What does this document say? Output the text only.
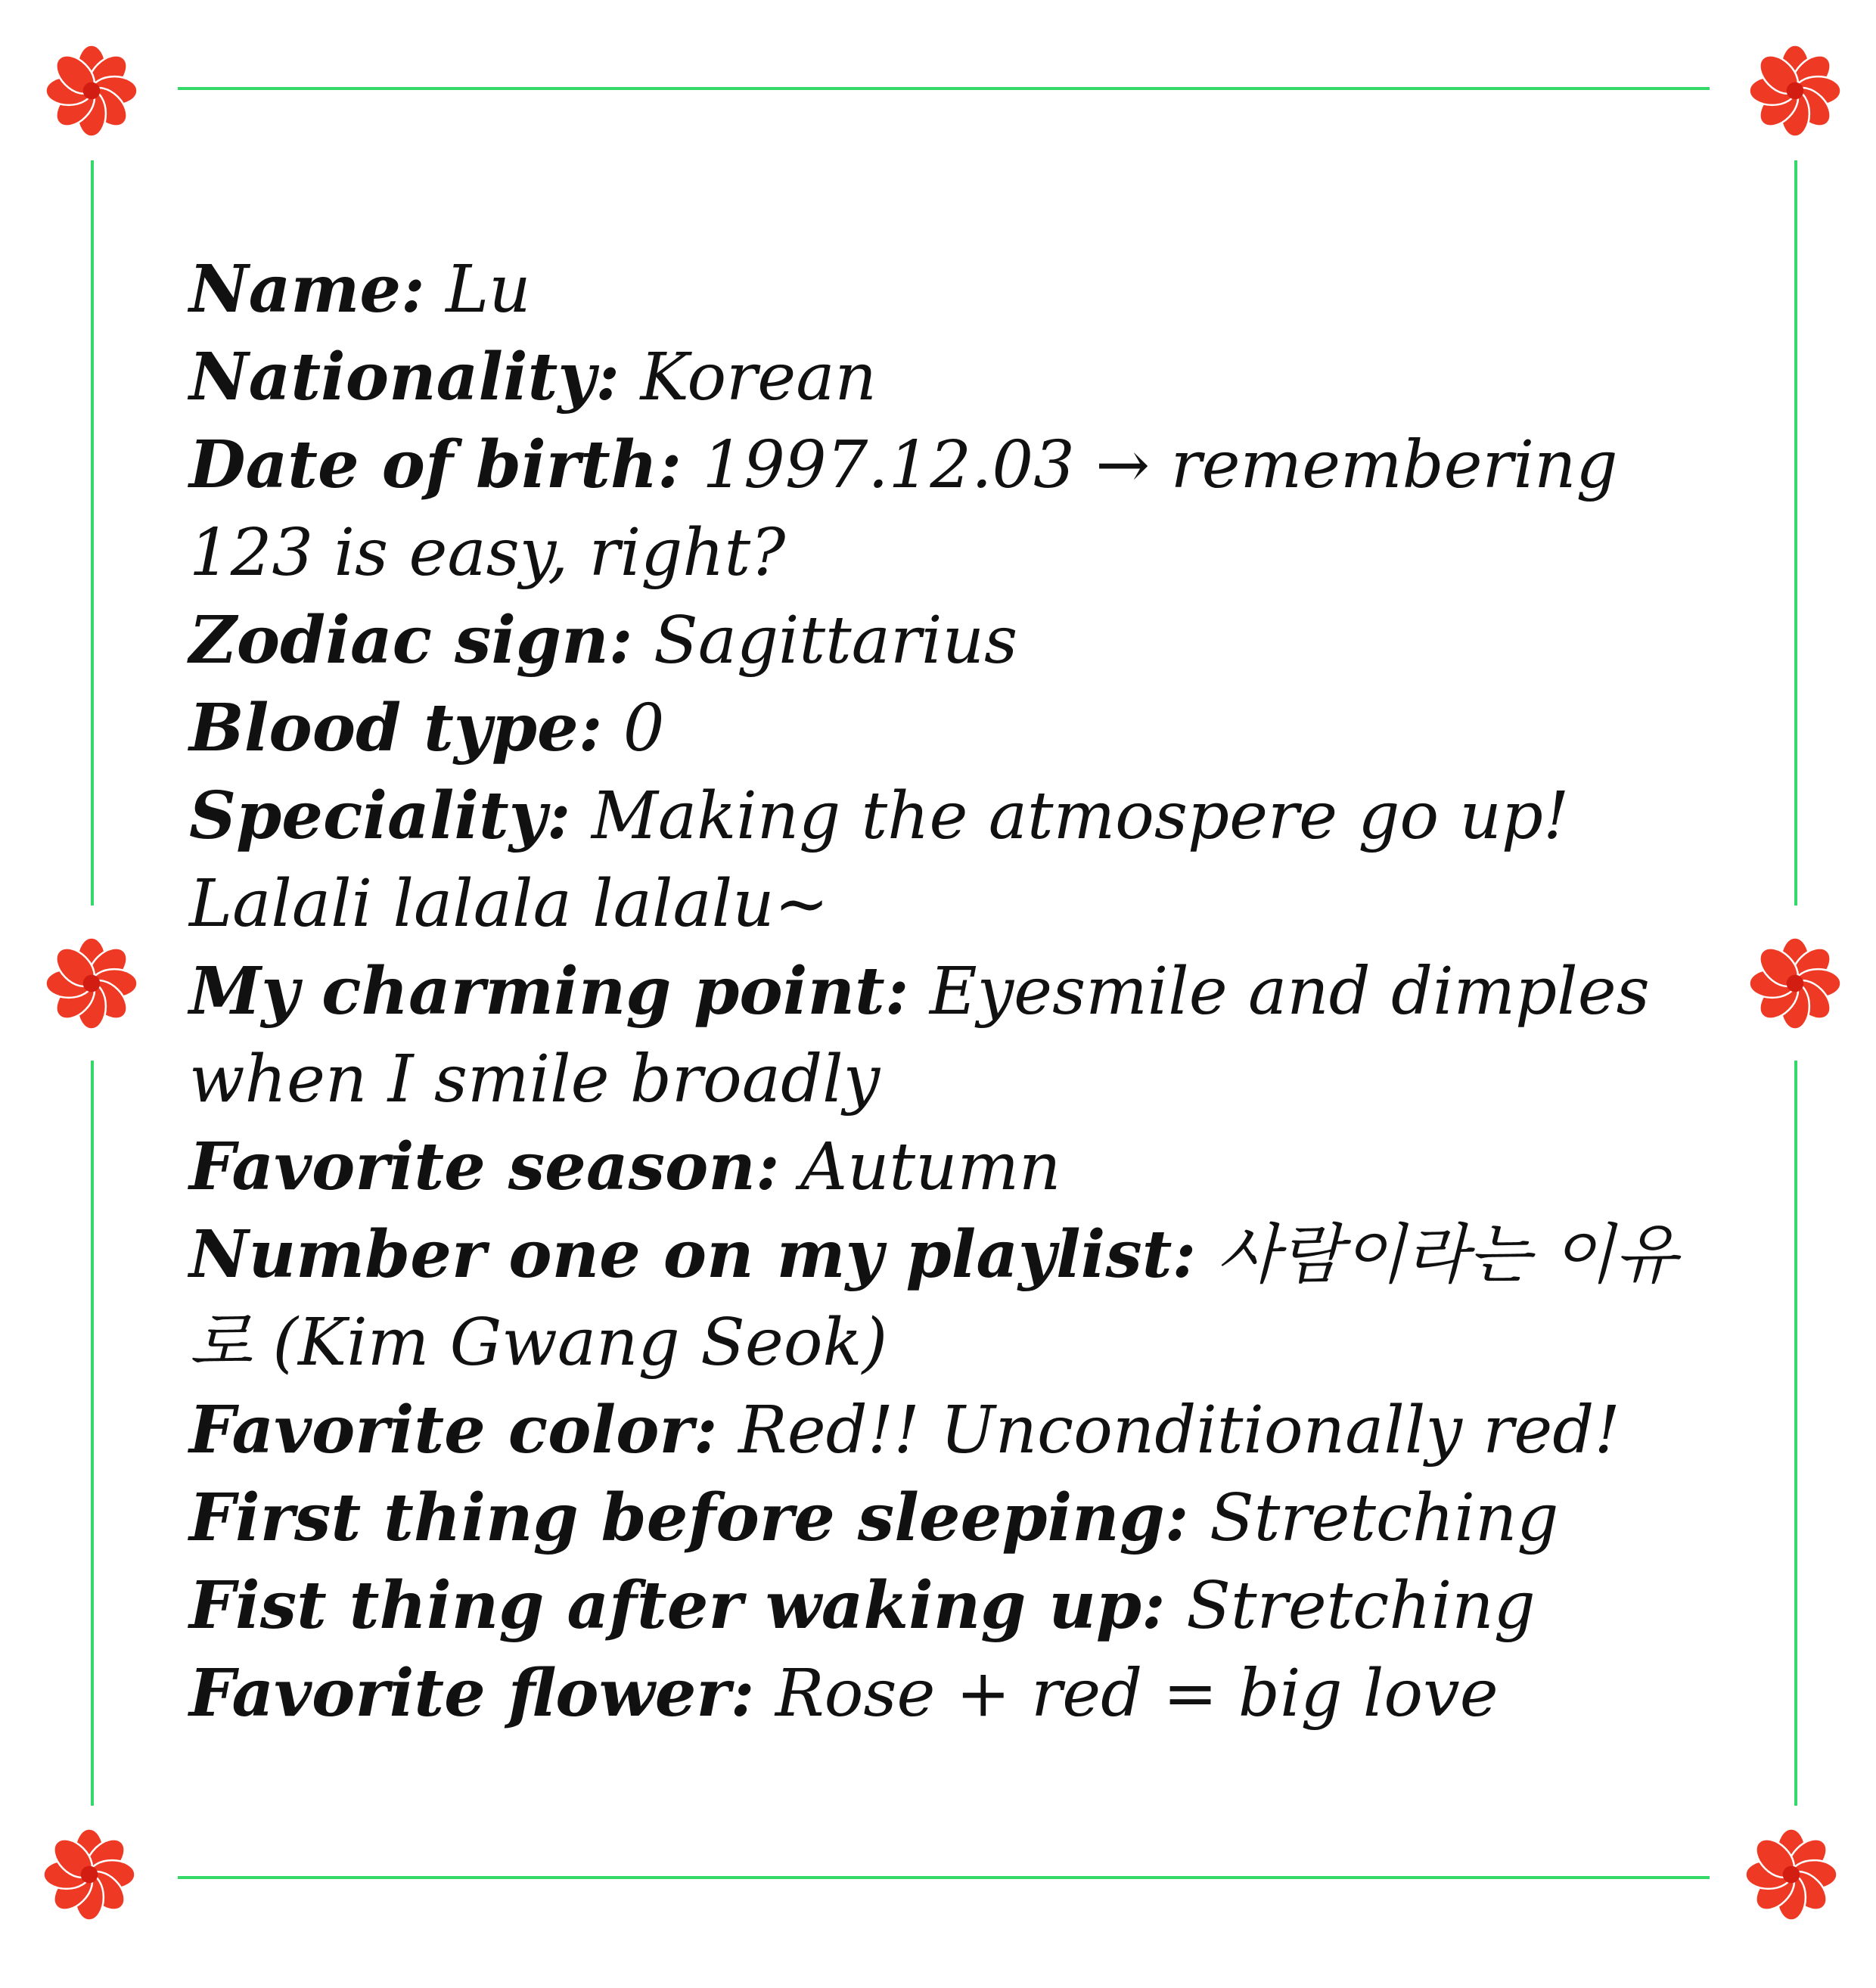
Name: Lu

Nationality: Korean

Date of birth: 1997.12.03 → remembering 123 is easy, right?

Zodiac sign: Sagittarius

Blood type: 0

Speciality: Making the atmospere go up! Lalali lalala lalalu~

My charming point: Eyesmile and dimples when I smile broadly

Favorite season: Autumn

Number one on my playlist: 사람이라는 이유로 (Kim Gwang Seok)

Favorite color: Red!! Unconditionally red!

First thing before sleeping: Stretching

Fist thing after waking up: Stretching

Favorite flower: Rose + red = big love
